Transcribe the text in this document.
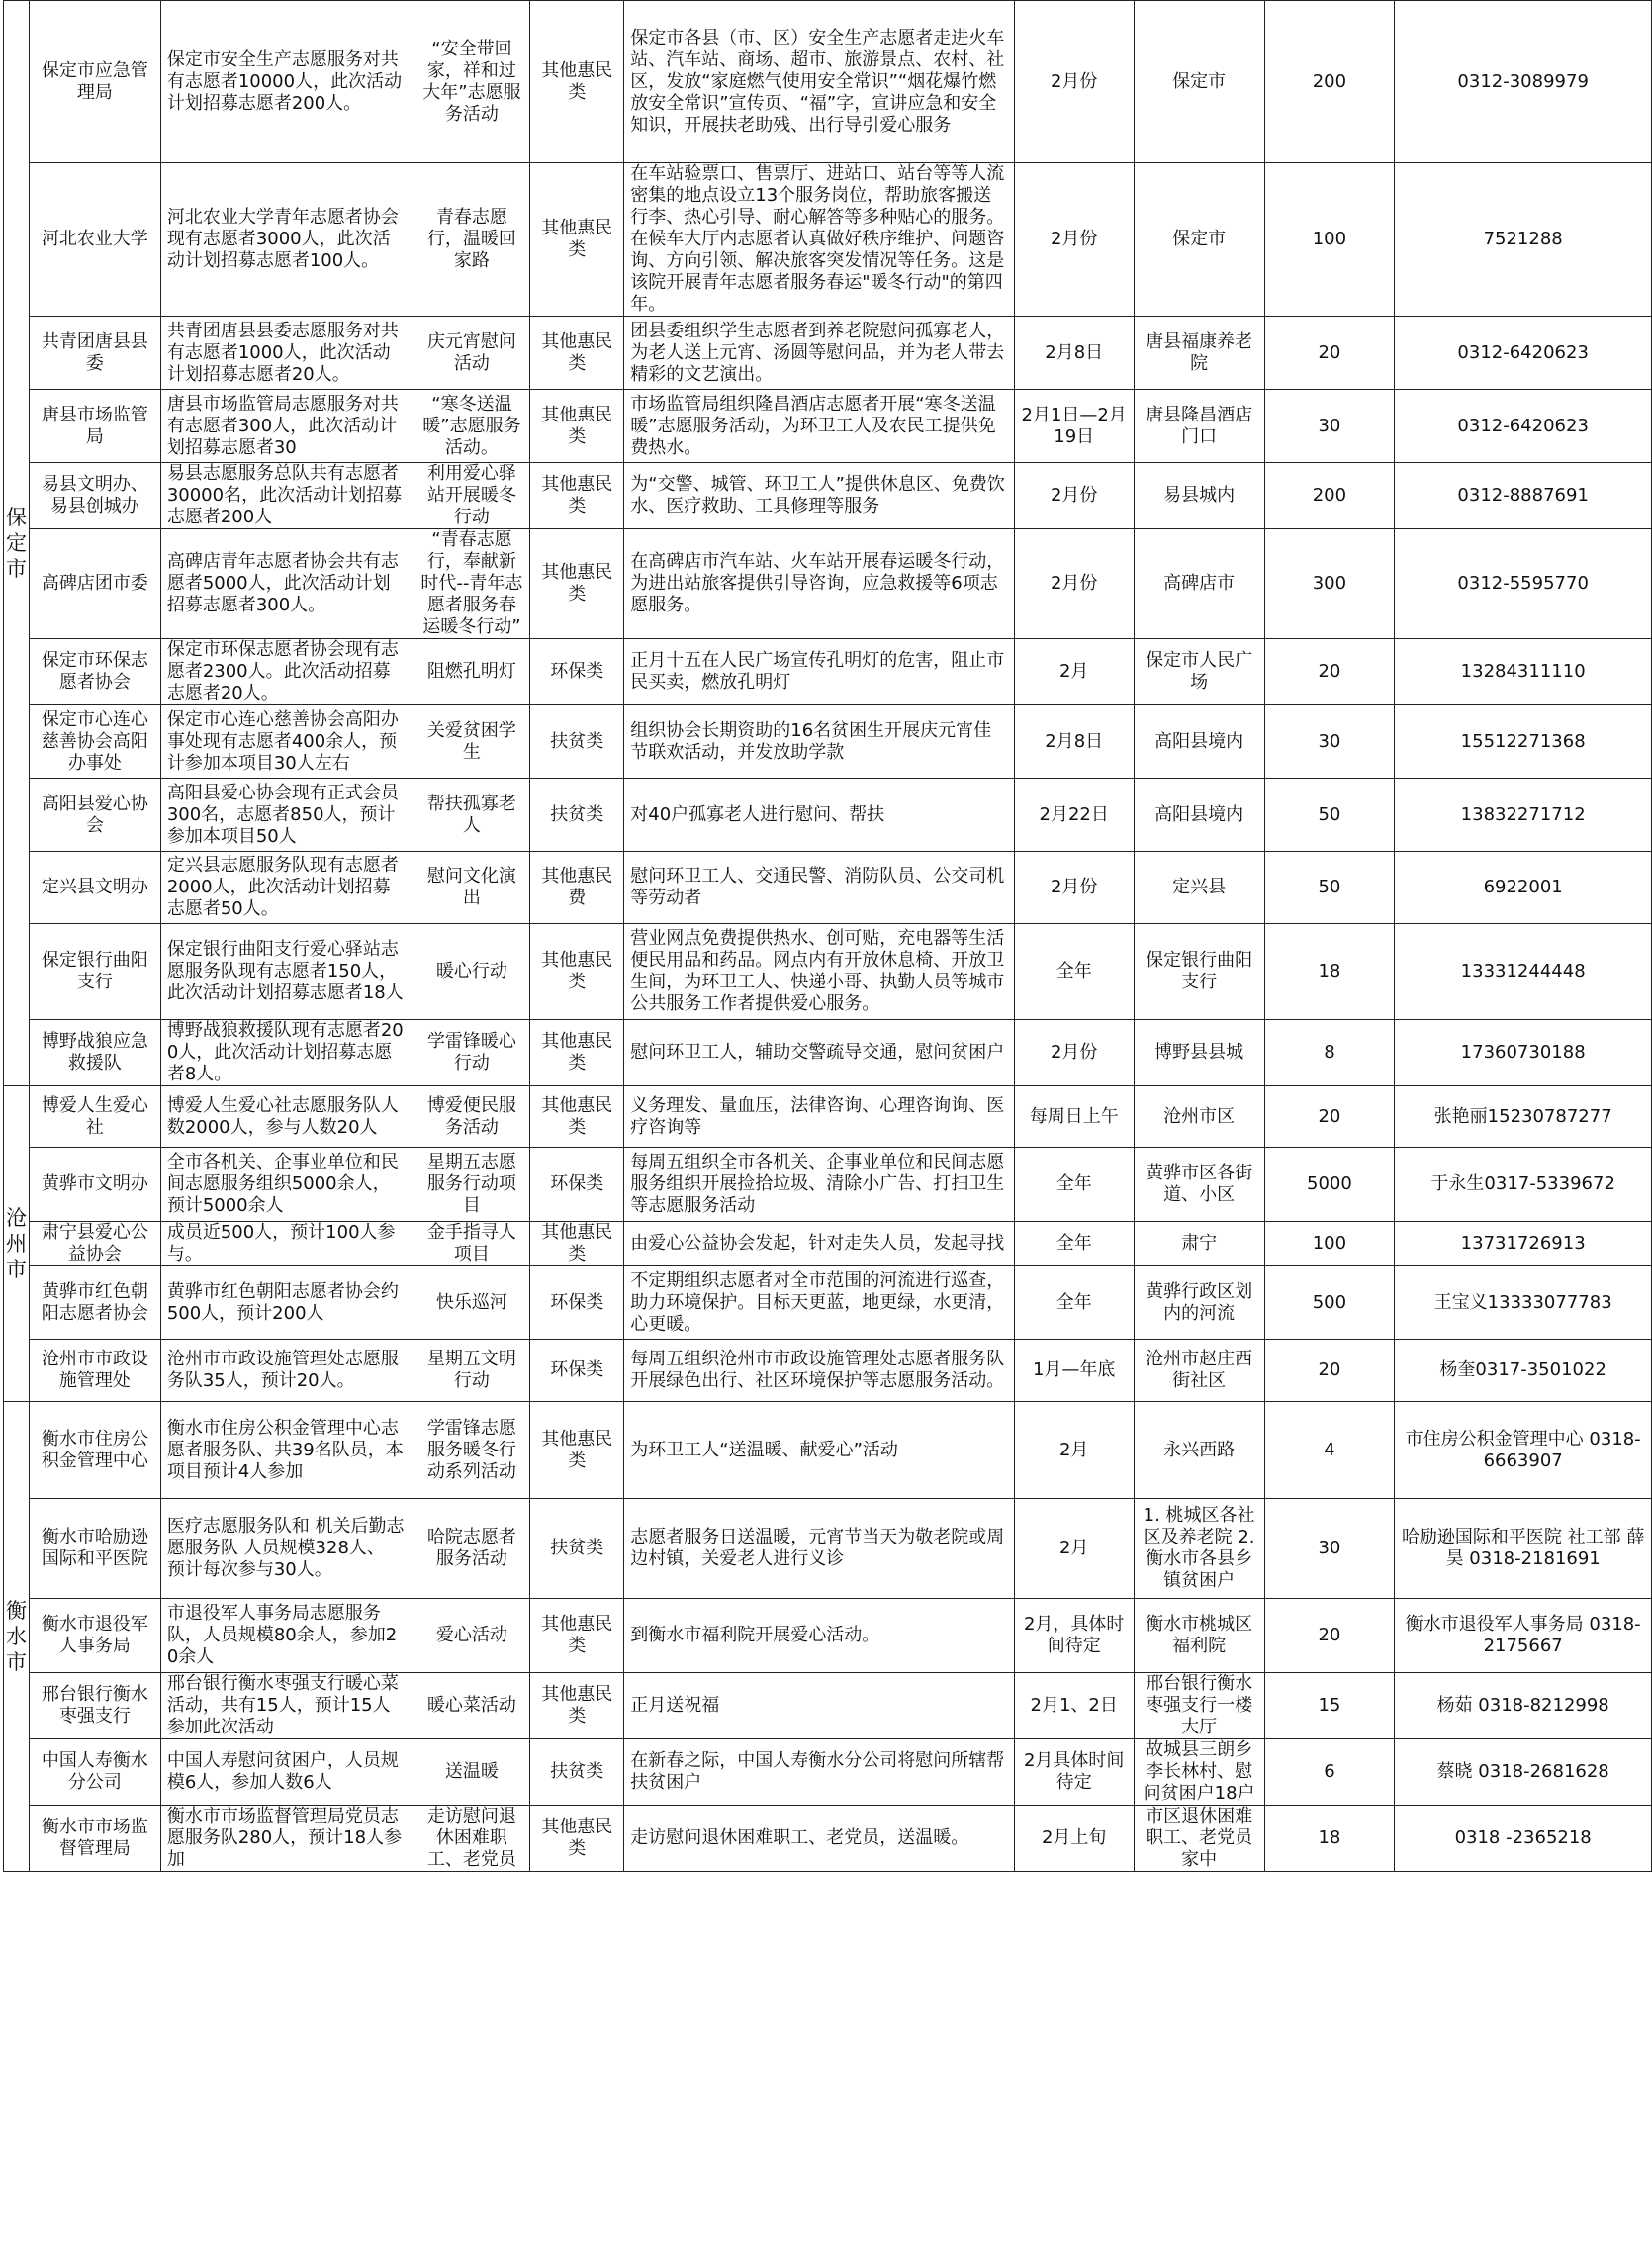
保定市	保定市应急管理局	保定市安全生产志愿服务对共有志愿者10000人，此次活动计划招募志愿者200人。	“安全带回家，祥和过大年”志愿服务活动	其他惠民类	保定市各县（市、区）安全生产志愿者走进火车站、汽车站、商场、超市、旅游景点、农村、社区，发放“家庭燃气使用安全常识”“烟花爆竹燃放安全常识”宣传页、“福”字，宣讲应急和安全知识，开展扶老助残、出行导引爱心服务	2月份	保定市	200	0312-3089979
	河北农业大学	河北农业大学青年志愿者协会现有志愿者3000人，此次活动计划招募志愿者100人。	青春志愿行，温暖回家路	其他惠民类	在车站验票口、售票厅、进站口、站台等等人流密集的地点设立13个服务岗位，帮助旅客搬送行李、热心引导、耐心解答等多种贴心的服务。在候车大厅内志愿者认真做好秩序维护、问题咨询、方向引领、解决旅客突发情况等任务。这是该院开展青年志愿者服务春运"暖冬行动"的第四年。	2月份	保定市	100	7521288
	共青团唐县县委	共青团唐县县委志愿服务对共有志愿者1000人，此次活动计划招募志愿者20人。	庆元宵慰问活动	其他惠民类	团县委组织学生志愿者到养老院慰问孤寡老人，为老人送上元宵、汤圆等慰问品，并为老人带去精彩的文艺演出。	2月8日	唐县福康养老院	20	0312-6420623
	唐县市场监管局	唐县市场监管局志愿服务对共有志愿者300人，此次活动计划招募志愿者30	“寒冬送温暖”志愿服务活动。	其他惠民类	市场监管局组织隆昌酒店志愿者开展“寒冬送温暖”志愿服务活动，为环卫工人及农民工提供免费热水。	2月1日—2月19日	唐县隆昌酒店门口	30	0312-6420623
	易县文明办、易县创城办	易县志愿服务总队共有志愿者30000名，此次活动计划招募志愿者200人	利用爱心驿站开展暖冬行动	其他惠民类	为“交警、城管、环卫工人”提供休息区、免费饮水、医疗救助、工具修理等服务	2月份	易县城内	200	0312-8887691
	高碑店团市委	高碑店青年志愿者协会共有志愿者5000人，此次活动计划招募志愿者300人。	“青春志愿行，奉献新时代--青年志愿者服务春运暖冬行动”	其他惠民类	在高碑店市汽车站、火车站开展春运暖冬行动，为进出站旅客提供引导咨询，应急救援等6项志愿服务。	2月份	高碑店市	300	0312-5595770
	保定市环保志愿者协会	保定市环保志愿者协会现有志愿者2300人。此次活动招募志愿者20人。	阻燃孔明灯	环保类	正月十五在人民广场宣传孔明灯的危害，阻止市民买卖，燃放孔明灯	2月	保定市人民广场	20	13284311110
	保定市心连心慈善协会高阳办事处	保定市心连心慈善协会高阳办事处现有志愿者400余人，预计参加本项目30人左右	关爱贫困学生	扶贫类	组织协会长期资助的16名贫困生开展庆元宵佳节联欢活动，并发放助学款	2月8日	高阳县境内	30	15512271368
	高阳县爱心协会	高阳县爱心协会现有正式会员300名，志愿者850人，预计参加本项目50人	帮扶孤寡老人	扶贫类	对40户孤寡老人进行慰问、帮扶	2月22日	高阳县境内	50	13832271712
	定兴县文明办	定兴县志愿服务队现有志愿者2000人，此次活动计划招募志愿者50人。	慰问文化演出	其他惠民费	慰问环卫工人、交通民警、消防队员、公交司机等劳动者	2月份	定兴县	50	6922001
	保定银行曲阳支行	保定银行曲阳支行爱心驿站志愿服务队现有志愿者150人，此次活动计划招募志愿者18人	暖心行动	其他惠民类	营业网点免费提供热水、创可贴，充电器等生活便民用品和药品。网点内有开放休息椅、开放卫生间，为环卫工人、快递小哥、执勤人员等城市公共服务工作者提供爱心服务。	全年	保定银行曲阳支行	18	13331244448
	博野战狼应急救援队	博野战狼救援队现有志愿者200人，此次活动计划招募志愿者8人。	学雷锋暖心行动	其他惠民类	慰问环卫工人，辅助交警疏导交通，慰问贫困户	2月份	博野县县城	8	17360730188

沧州市	博爱人生爱心社	博爱人生爱心社志愿服务队人数2000人，参与人数20人	博爱便民服务活动	其他惠民类	义务理发、量血压，法律咨询、心理咨询询、医疗咨询等	每周日上午	沧州市区	20	张艳丽15230787277
	黄骅市文明办	全市各机关、企事业单位和民间志愿服务组织5000余人，预计5000余人	星期五志愿服务行动项目	环保类	每周五组织全市各机关、企事业单位和民间志愿服务组织开展捡拾垃圾、清除小广告、打扫卫生等志愿服务活动	全年	黄骅市区各街道、小区	5000	于永生0317-5339672
	肃宁县爱心公益协会	成员近500人，预计100人参与。	金手指寻人项目	其他惠民类	由爱心公益协会发起，针对走失人员，发起寻找	全年	肃宁	100	13731726913
	黄骅市红色朝阳志愿者协会	黄骅市红色朝阳志愿者协会约500人，预计200人	快乐巡河	环保类	不定期组织志愿者对全市范围的河流进行巡查，助力环境保护。目标天更蓝，地更绿，水更清，心更暖。	全年	黄骅行政区划内的河流	500	王宝义13333077783
	沧州市市政设施管理处	沧州市市政设施管理处志愿服务队35人，预计20人。	星期五文明行动	环保类	每周五组织沧州市市政设施管理处志愿者服务队开展绿色出行、社区环境保护等志愿服务活动。	1月—年底	沧州市赵庄西街社区	20	杨奎0317-3501022

衡水市	衡水市住房公积金管理中心	衡水市住房公积金管理中心志愿者服务队、共39名队员，本项目预计4人参加	学雷锋志愿服务暖冬行动系列活动	其他惠民类	为环卫工人“送温暖、献爱心”活动	2月	永兴西路	4	市住房公积金管理中心 0318-6663907
	衡水市哈励逊国际和平医院	医疗志愿服务队和 机关后勤志愿服务队 人员规模328人、 预计每次参与30人。	哈院志愿者服务活动	扶贫类	志愿者服务日送温暖，元宵节当天为敬老院或周边村镇，关爱老人进行义诊	2月	1. 桃城区各社区及养老院 2. 衡水市各县乡镇贫困户	30	哈励逊国际和平医院 社工部 薛昊 0318-2181691
	衡水市退役军人事务局	市退役军人事务局志愿服务队，人员规模80余人，参加20余人	爱心活动	其他惠民类	到衡水市福利院开展爱心活动。	2月，具体时间待定	衡水市桃城区福利院	20	衡水市退役军人事务局 0318-2175667
	邢台银行衡水枣强支行	邢台银行衡水枣强支行暖心菜活动，共有15人，预计15人参加此次活动	暖心菜活动	其他惠民类	正月送祝福	2月1、2日	邢台银行衡水枣强支行一楼大厅	15	杨茹 0318-8212998
	中国人寿衡水分公司	中国人寿慰问贫困户，人员规模6人，参加人数6人	送温暖	扶贫类	在新春之际，中国人寿衡水分公司将慰问所辖帮扶贫困户	2月具体时间待定	故城县三朗乡李长林村、慰问贫困户18户	6	蔡晓 0318-2681628
	衡水市市场监督管理局	衡水市市场监督管理局党员志愿服务队280人，预计18人参加	走访慰问退休困难职工、老党员	其他惠民类	走访慰问退休困难职工、老党员，送温暖。	2月上旬	市区退休困难职工、老党员家中	18	0318 -2365218
